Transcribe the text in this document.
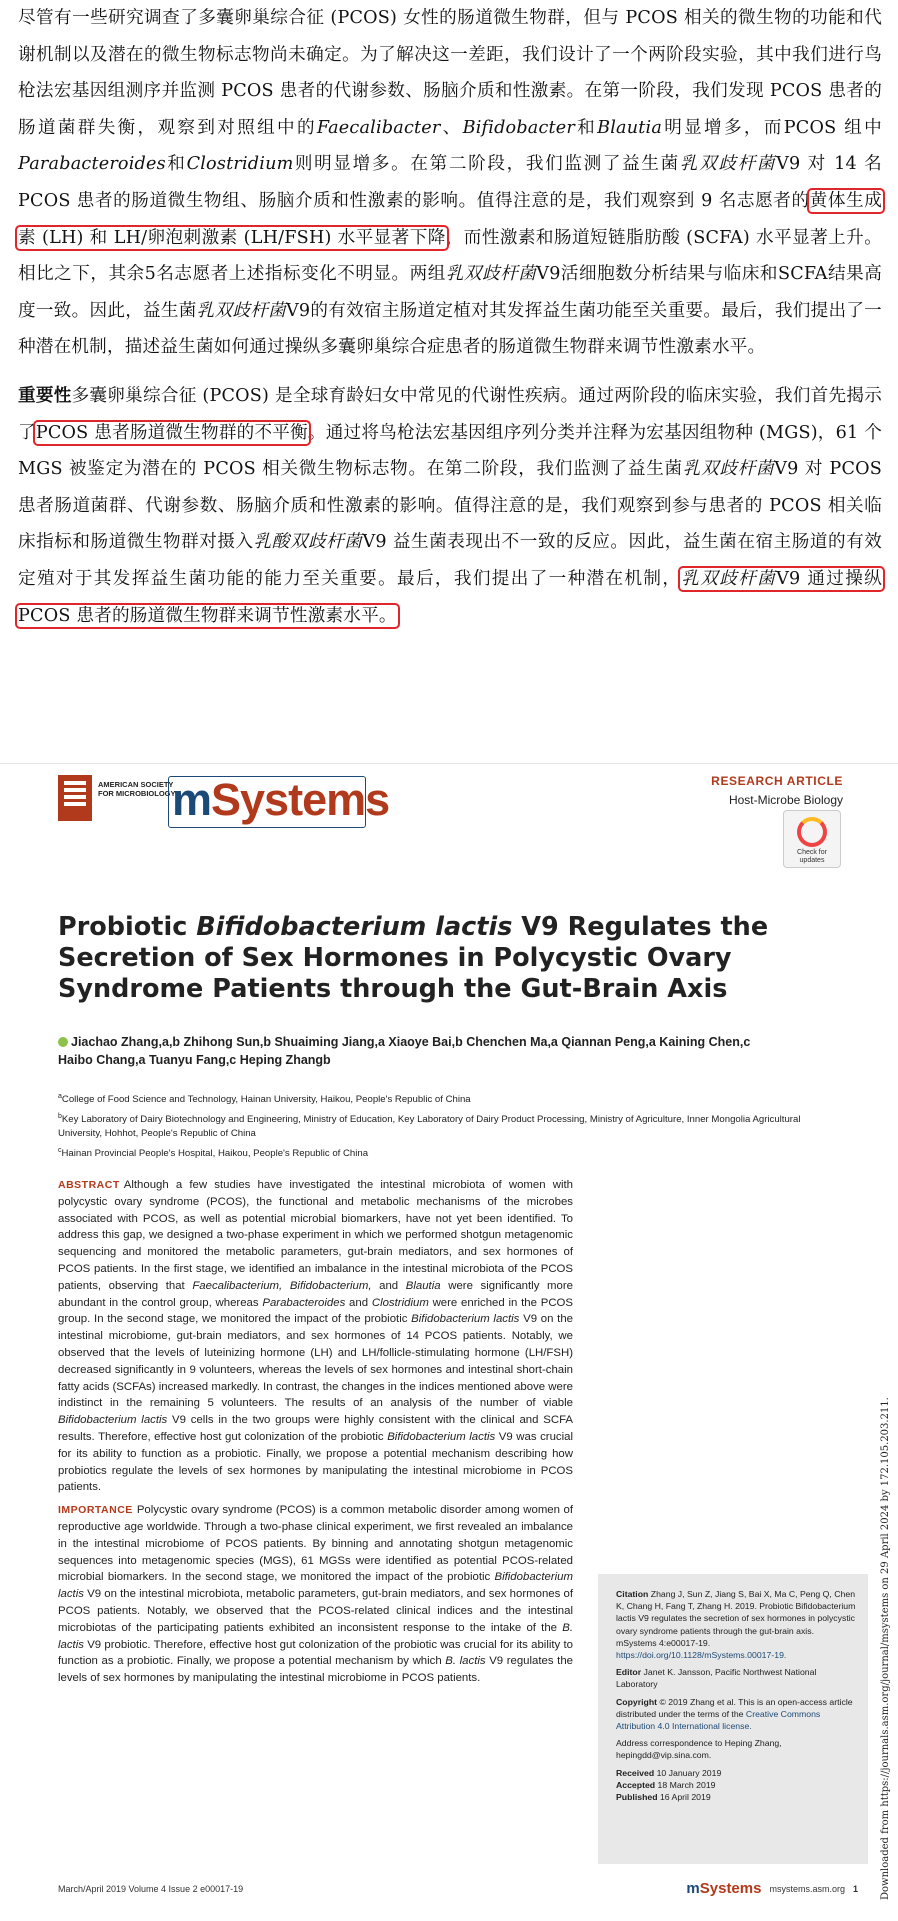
尽管有一些研究调查了多囊卵巢综合征 (PCOS) 女性的肠道微生物群，但与 PCOS 相关的微生物的功能和代谢机制以及潜在的微生物标志物尚未确定。为了解决这一差距，我们设计了一个两阶段实验，其中我们进行鸟枪法宏基因组测序并监测 PCOS 患者的代谢参数、肠脑介质和性激素。在第一阶段，我们发现 PCOS 患者的肠道菌群失衡，观察到对照组中的Faecalibacter、Bifidobacter和Blautia明显增多，而PCOS 组中Parabacteroides和Clostridium则明显增多。在第二阶段，我们监测了益生菌乳双歧杆菌V9 对 14 名 PCOS 患者的肠道微生物组、肠脑介质和性激素的影响。值得注意的是，我们观察到 9 名志愿者的黄体生成素 (LH) 和 LH/卵泡刺激素 (LH/FSH) 水平显著下降，而性激素和肠道短链脂肪酸 (SCFA) 水平显著上升。相比之下，其余5名志愿者上述指标变化不明显。两组乳双歧杆菌V9活细胞数分析结果与临床和SCFA结果高度一致。因此，益生菌乳双歧杆菌V9的有效宿主肠道定植对其发挥益生菌功能至关重要。最后，我们提出了一种潜在机制，描述益生菌如何通过操纵多囊卵巢综合症患者的肠道微生物群来调节性激素水平。

重要性多囊卵巢综合征 (PCOS) 是全球育龄妇女中常见的代谢性疾病。通过两阶段的临床实验，我们首先揭示了PCOS 患者肠道微生物群的不平衡。通过将鸟枪法宏基因组序列分类并注释为宏基因组物种 (MGS)，61 个 MGS 被鉴定为潜在的 PCOS 相关微生物标志物。在第二阶段，我们监测了益生菌乳双歧杆菌V9 对 PCOS 患者肠道菌群、代谢参数、肠脑介质和性激素的影响。值得注意的是，我们观察到参与患者的 PCOS 相关临床指标和肠道微生物群对摄入乳酸双歧杆菌V9 益生菌表现出不一致的反应。因此，益生菌在宿主肠道的有效定殖对于其发挥益生菌功能的能力至关重要。最后，我们提出了一种潜在机制，乳双歧杆菌V9 通过操纵 PCOS 患者的肠道微生物群来调节性激素水平。

AMERICAN SOCIETY FOR MICROBIOLOGY
mSystems	RESEARCH ARTICLE
Host-Microbe Biology
Check for updates
Probiotic Bifidobacterium lactis V9 Regulates the Secretion of Sex Hormones in Polycystic Ovary Syndrome Patients through the Gut-Brain Axis
Jiachao Zhang,a,b Zhihong Sun,b Shuaiming Jiang,a Xiaoye Bai,b Chenchen Ma,a Qiannan Peng,a Kaining Chen,c
Haibo Chang,a Tuanyu Fang,c Heping Zhangb

$^a$College of Food Science and Technology, Hainan University, Haikou, People's Republic of China

$^b$Key Laboratory of Dairy Biotechnology and Engineering, Ministry of Education, Key Laboratory of Dairy Product Processing, Ministry of Agriculture, Inner Mongolia Agricultural University, Hohhot, People's Republic of China

$^c$Hainan Provincial People's Hospital, Haikou, People's Republic of China

ABSTRACT Although a few studies have investigated the intestinal microbiota of women with polycystic ovary syndrome (PCOS), the functional and metabolic mechanisms of the microbes associated with PCOS, as well as potential microbial biomarkers, have not yet been identified. To address this gap, we designed a two-phase experiment in which we performed shotgun metagenomic sequencing and monitored the metabolic parameters, gut-brain mediators, and sex hormones of PCOS patients. In the first stage, we identified an imbalance in the intestinal microbiota of the PCOS patients, observing that Faecalibacterium, Bifidobacterium, and Blautia were significantly more abundant in the control group, whereas Parabacteroides and Clostridium were enriched in the PCOS group. In the second stage, we monitored the impact of the probiotic Bifidobacterium lactis V9 on the intestinal microbiome, gut-brain mediators, and sex hormones of 14 PCOS patients. Notably, we observed that the levels of luteinizing hormone (LH) and LH/follicle-stimulating hormone (LH/FSH) decreased significantly in 9 volunteers, whereas the levels of sex hormones and intestinal short-chain fatty acids (SCFAs) increased markedly. In contrast, the changes in the indices mentioned above were indistinct in the remaining 5 volunteers. The results of an analysis of the number of viable Bifidobacterium lactis V9 cells in the two groups were highly consistent with the clinical and SCFA results. Therefore, effective host gut colonization of the probiotic Bifidobacterium lactis V9 was crucial for its ability to function as a probiotic. Finally, we propose a potential mechanism describing how probiotics regulate the levels of sex hormones by manipulating the intestinal microbiome in PCOS patients.

IMPORTANCE Polycystic ovary syndrome (PCOS) is a common metabolic disorder among women of reproductive age worldwide. Through a two-phase clinical experiment, we first revealed an imbalance in the intestinal microbiome of PCOS patients. By binning and annotating shotgun metagenomic sequences into metagenomic species (MGS), 61 MGSs were identified as potential PCOS-related microbial biomarkers. In the second stage, we monitored the impact of the probiotic Bifidobacterium lactis V9 on the intestinal microbiota, metabolic parameters, gut-brain mediators, and sex hormones of PCOS patients. Notably, we observed that the PCOS-related clinical indices and the intestinal microbiotas of the participating patients exhibited an inconsistent response to the intake of the B. lactis V9 probiotic. Therefore, effective host gut colonization of the probiotic was crucial for its ability to function as a probiotic. Finally, we propose a potential mechanism by which B. lactis V9 regulates the levels of sex hormones by manipulating the intestinal microbiome in PCOS patients.

Citation Zhang J, Sun Z, Jiang S, Bai X, Ma C, Peng Q, Chen K, Chang H, Fang T, Zhang H. 2019. Probiotic Bifidobacterium lactis V9 regulates the secretion of sex hormones in polycystic ovary syndrome patients through the gut-brain axis. mSystems 4:e00017-19. https://doi.org/10.1128/mSystems.00017-19.

Editor Janet K. Jansson, Pacific Northwest National Laboratory

Copyright © 2019 Zhang et al. This is an open-access article distributed under the terms of the Creative Commons Attribution 4.0 International license.

Address correspondence to Heping Zhang, hepingdd@vip.sina.com.

Received 10 January 2019

Accepted 18 March 2019

Published 16 April 2019	Downloaded from https://journals.asm.org/journal/msystems on 29 April 2024 by 172.105.203.211.
March/April 2019 Volume 4 Issue 2 e00017-19	mSystems msystems.asm.org 1
